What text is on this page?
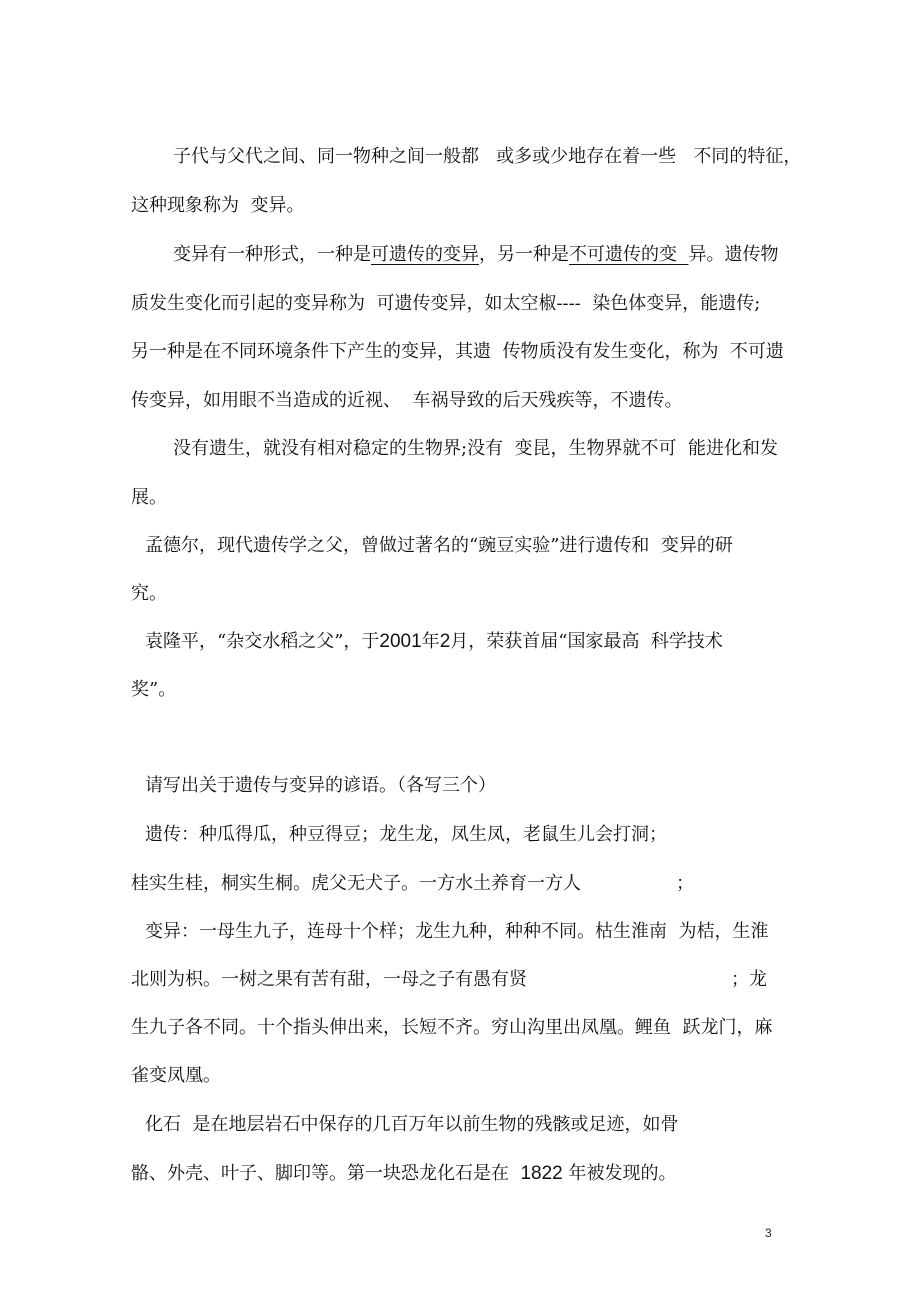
子代与父代之间、同一物种之间一般都   或多或少地存在着一些   不同的特征，
这种现象称为  变异。
变异有一种形式，一种是可遗传的变异，另一种是不可遗传的变  异。遗传物
质发生变化而引起的变异称为  可遗传变异，如太空椒----  染色体变异，能遗传;
另一种是在不同环境条件下产生的变异，其遗  传物质没有发生变化，称为  不可遗
传变异，如用眼不当造成的近视、  车祸导致的后天残疾等，不遗传。
没有遗生，就没有相对稳定的生物界;没有  变昆，生物界就不可  能进化和发
展。
孟德尔，现代遗传学之父，曾做过著名的“豌豆实验”进行遗传和  变异的研
究。
袁隆平，“杂交水稻之父”，于2001年2月，荣获首届“国家最高  科学技术
奖”。
请写出关于遗传与变异的谚语。（各写三个）
遗传：种瓜得瓜，种豆得豆；龙生龙，凤生凤，老鼠生儿会打洞；
桂实生桂，桐实生桐。虎父无犬子。一方水土养育一方人	；
变异：一母生九子，连母十个样；龙生九种，种种不同。枯生淮南  为桔，生淮
北则为枳。一树之果有苦有甜，一母之子有愚有贤	；龙
生九子各不同。十个指头伸出来，长短不齐。穷山沟里出凤凰。鲤鱼  跃龙门，麻
雀变凤凰。
化石  是在地层岩石中保存的几百万年以前生物的残骸或足迹，如骨
骼、外壳、叶子、脚印等。第一块恐龙化石是在  1822 年被发现的。
3
